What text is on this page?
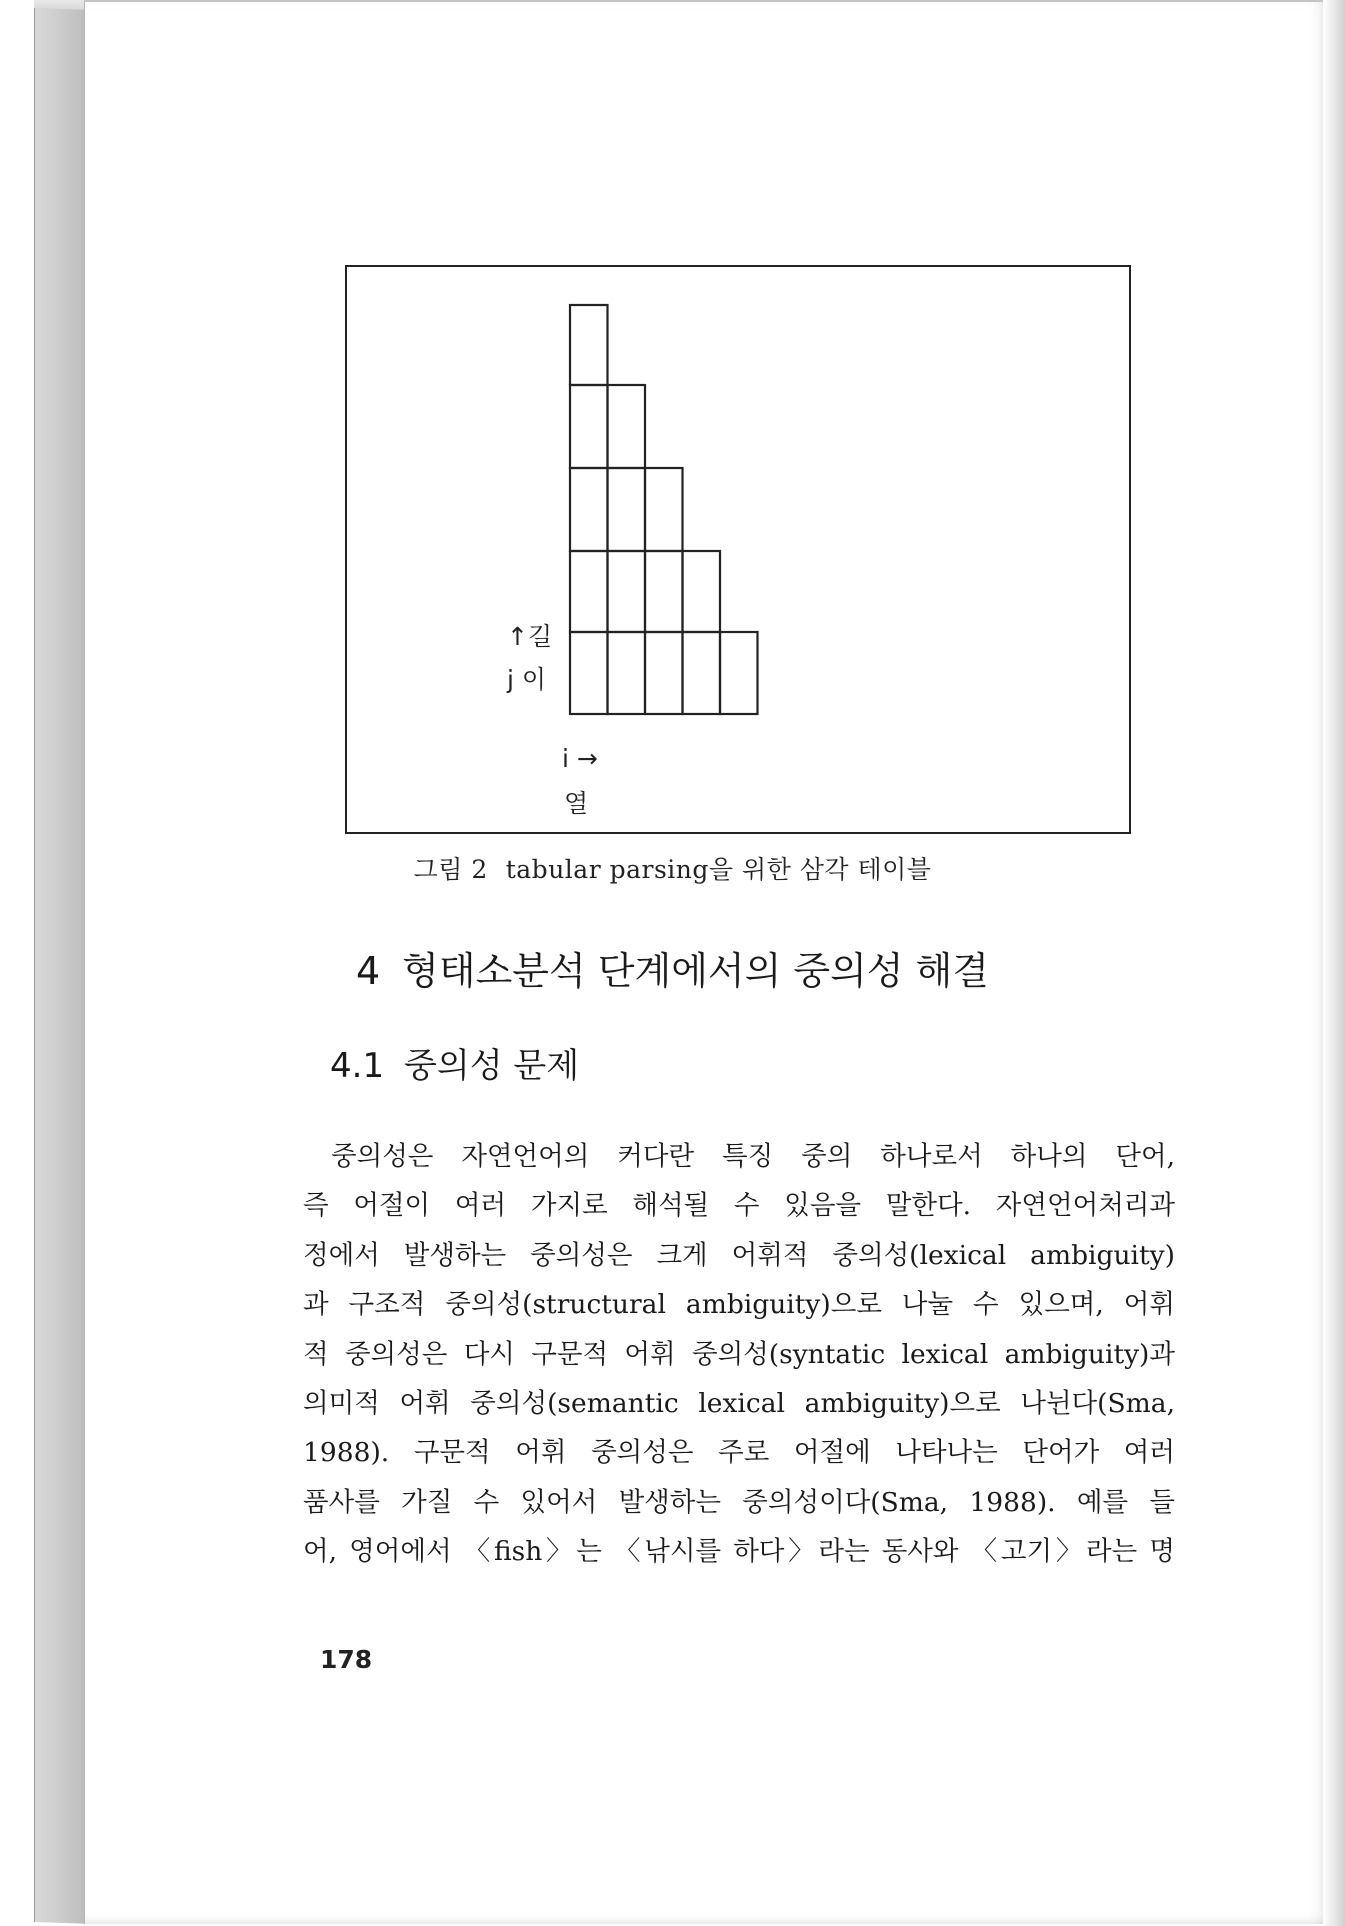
↑길
j 이
i →
열
그림 2 tabular parsing을 위한 삼각 테이블
4 형태소분석 단계에서의 중의성 해결
4.1 중의성 문제
중의성은 자연언어의 커다란 특징 중의 하나로서 하나의 단어,
즉 어절이 여러 가지로 해석될 수 있음을 말한다. 자연언어처리과
정에서 발생하는 중의성은 크게 어휘적 중의성(lexical ambiguity)
과 구조적 중의성(structural ambiguity)으로 나눌 수 있으며, 어휘
적 중의성은 다시 구문적 어휘 중의성(syntatic lexical ambiguity)과
의미적 어휘 중의성(semantic lexical ambiguity)으로 나뉜다(Sma,
1988). 구문적 어휘 중의성은 주로 어절에 나타나는 단어가 여러
품사를 가질 수 있어서 발생하는 중의성이다(Sma, 1988). 예를 들
어, 영어에서 〈fish〉는 〈낚시를 하다〉라는 동사와 〈고기〉라는 명
178
